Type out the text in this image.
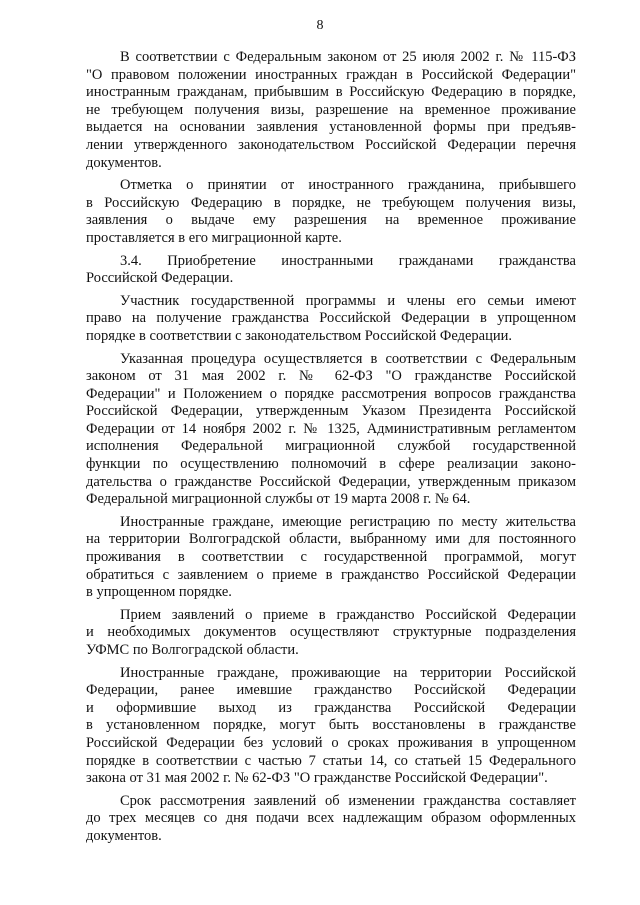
8
В соответствии с Федеральным законом от 25 июля 2002 г. № 115-ФЗ
"О правовом положении иностранных граждан в Российской Федерации"
иностранным гражданам, прибывшим в Российскую Федерацию в порядке,
не требующем получения визы, разрешение на временное проживание
выдается на основании заявления установленной формы при предъяв-
лении утвержденного законодательством Российской Федерации перечня
документов.
Отметка о принятии от иностранного гражданина, прибывшего
в Российскую Федерацию в порядке, не требующем получения визы,
заявления о выдаче ему разрешения на временное проживание
проставляется в его миграционной карте.
3.4. Приобретение иностранными гражданами гражданства
Российской Федерации.
Участник государственной программы и члены его семьи имеют
право на получение гражданства Российской Федерации в упрощенном
порядке в соответствии с законодательством Российской Федерации.
Указанная процедура осуществляется в соответствии с Федеральным
законом от 31 мая 2002 г. № 62-ФЗ "О гражданстве Российской
Федерации" и Положением о порядке рассмотрения вопросов гражданства
Российской Федерации, утвержденным Указом Президента Российской
Федерации от 14 ноября 2002 г. № 1325, Административным регламентом
исполнения Федеральной миграционной службой государственной
функции по осуществлению полномочий в сфере реализации законо-
дательства о гражданстве Российской Федерации, утвержденным приказом
Федеральной миграционной службы от 19 марта 2008 г. № 64.
Иностранные граждане, имеющие регистрацию по месту жительства
на территории Волгоградской области, выбранному ими для постоянного
проживания в соответствии с государственной программой, могут
обратиться с заявлением о приеме в гражданство Российской Федерации
в упрощенном порядке.
Прием заявлений о приеме в гражданство Российской Федерации
и необходимых документов осуществляют структурные подразделения
УФМС по Волгоградской области.
Иностранные граждане, проживающие на территории Российской
Федерации, ранее имевшие гражданство Российской Федерации
и оформившие выход из гражданства Российской Федерации
в установленном порядке, могут быть восстановлены в гражданстве
Российской Федерации без условий о сроках проживания в упрощенном
порядке в соответствии с частью 7 статьи 14, со статьей 15 Федерального
закона от 31 мая 2002 г. № 62-ФЗ "О гражданстве Российской Федерации".
Срок рассмотрения заявлений об изменении гражданства составляет
до трех месяцев со дня подачи всех надлежащим образом оформленных
документов.
